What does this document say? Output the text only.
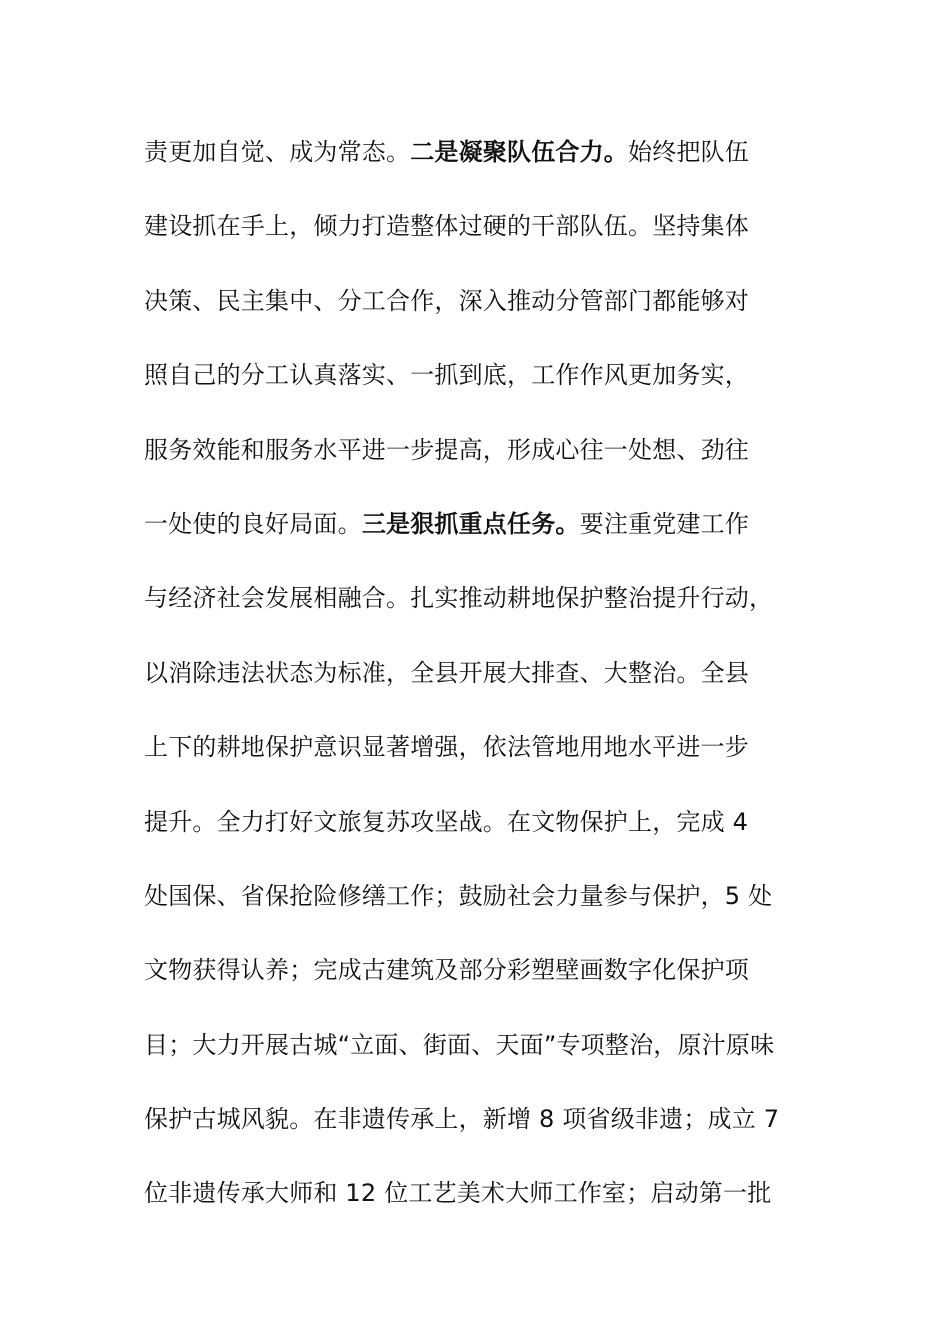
责更加自觉、成为常态。二是凝聚队伍合力。始终把队伍
建设抓在手上，倾力打造整体过硬的干部队伍。坚持集体
决策、民主集中、分工合作，深入推动分管部门都能够对
照自己的分工认真落实、一抓到底，工作作风更加务实，
服务效能和服务水平进一步提高，形成心往一处想、劲往
一处使的良好局面。三是狠抓重点任务。要注重党建工作
与经济社会发展相融合。扎实推动耕地保护整治提升行动，
以消除违法状态为标准，全县开展大排查、大整治。全县
上下的耕地保护意识显著增强，依法管地用地水平进一步
提升。全力打好文旅复苏攻坚战。在文物保护上，完成 4
处国保、省保抢险修缮工作；鼓励社会力量参与保护，5 处
文物获得认养；完成古建筑及部分彩塑壁画数字化保护项
目；大力开展古城“立面、街面、天面”专项整治，原汁原味
保护古城风貌。在非遗传承上，新增 8 项省级非遗；成立 7
位非遗传承大师和 12 位工艺美术大师工作室；启动第一批
